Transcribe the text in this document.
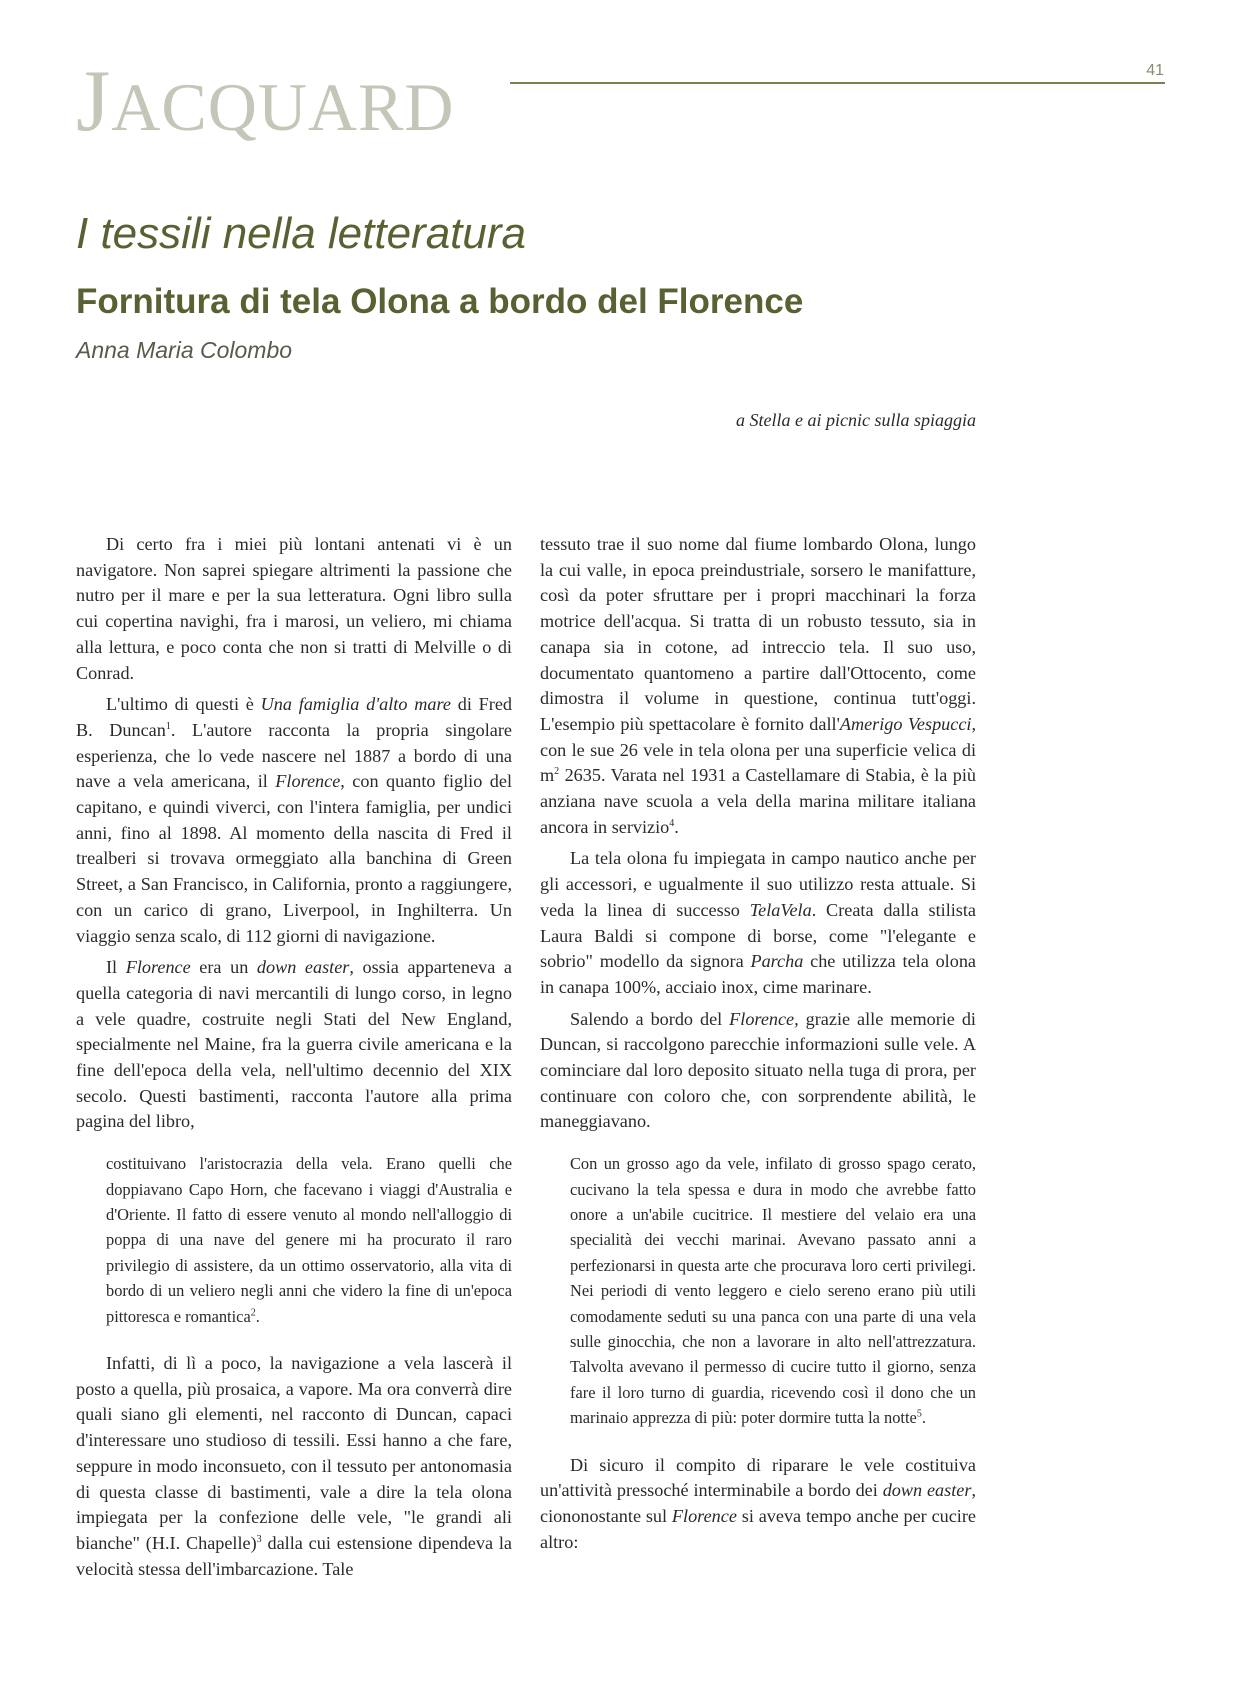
JACQUARD	41
I tessili nella letteratura
Fornitura di tela Olona a bordo del Florence
Anna Maria Colombo
a Stella e ai picnic sulla spiaggia

Di certo fra i miei più lontani antenati vi è un navigatore. Non saprei spiegare altrimenti la passione che nutro per il mare e per la sua letteratura. Ogni libro sulla cui copertina navighi, fra i marosi, un veliero, mi chiama alla lettura, e poco conta che non si tratti di Melville o di Conrad.

L'ultimo di questi è Una famiglia d'alto mare di Fred B. Duncan$^1$. L'autore racconta la propria singolare esperienza, che lo vede nascere nel 1887 a bordo di una nave a vela americana, il Florence, con quanto figlio del capitano, e quindi viverci, con l'intera famiglia, per undici anni, fino al 1898. Al momento della nascita di Fred il trealberi si trovava ormeggiato alla banchina di Green Street, a San Francisco, in California, pronto a raggiungere, con un carico di grano, Liverpool, in Inghilterra. Un viaggio senza scalo, di 112 giorni di navigazione.

Il Florence era un down easter, ossia apparteneva a quella categoria di navi mercantili di lungo corso, in legno a vele quadre, costruite negli Stati del New England, specialmente nel Maine, fra la guerra civile americana e la fine dell'epoca della vela, nell'ultimo decennio del XIX secolo. Questi bastimenti, racconta l'autore alla prima pagina del libro,

costituivano l'aristocrazia della vela. Erano quelli che doppiavano Capo Horn, che facevano i viaggi d'Australia e d'Oriente. Il fatto di essere venuto al mondo nell'alloggio di poppa di una nave del genere mi ha procurato il raro privilegio di assistere, da un ottimo osservatorio, alla vita di bordo di un veliero negli anni che videro la fine di un'epoca pittoresca e romantica$^2$.

Infatti, di lì a poco, la navigazione a vela lascerà il posto a quella, più prosaica, a vapore. Ma ora converrà dire quali siano gli elementi, nel racconto di Duncan, capaci d'interessare uno studioso di tessili. Essi hanno a che fare, seppure in modo inconsueto, con il tessuto per antonomasia di questa classe di bastimenti, vale a dire la tela olona impiegata per la confezione delle vele, "le grandi ali bianche" (H.I. Chapelle)$^3$ dalla cui estensione dipendeva la velocità stessa dell'imbarcazione. Tale

tessuto trae il suo nome dal fiume lombardo Olona, lungo la cui valle, in epoca preindustriale, sorsero le manifatture, così da poter sfruttare per i propri macchinari la forza motrice dell'acqua. Si tratta di un robusto tessuto, sia in canapa sia in cotone, ad intreccio tela. Il suo uso, documentato quantomeno a partire dall'Ottocento, come dimostra il volume in questione, continua tutt'oggi. L'esempio più spettacolare è fornito dall'Amerigo Vespucci, con le sue 26 vele in tela olona per una superficie velica di $m^2$ 2635. Varata nel 1931 a Castellamare di Stabia, è la più anziana nave scuola a vela della marina militare italiana ancora in servizio$^4$.

La tela olona fu impiegata in campo nautico anche per gli accessori, e ugualmente il suo utilizzo resta attuale. Si veda la linea di successo TelaVela. Creata dalla stilista Laura Baldi si compone di borse, come "l'elegante e sobrio" modello da signora Parcha che utilizza tela olona in canapa 100%, acciaio inox, cime marinare.

Salendo a bordo del Florence, grazie alle memorie di Duncan, si raccolgono parecchie informazioni sulle vele. A cominciare dal loro deposito situato nella tuga di prora, per continuare con coloro che, con sorprendente abilità, le maneggiavano.

Con un grosso ago da vele, infilato di grosso spago cerato, cucivano la tela spessa e dura in modo che avrebbe fatto onore a un'abile cucitrice. Il mestiere del velaio era una specialità dei vecchi marinai. Avevano passato anni a perfezionarsi in questa arte che procurava loro certi privilegi. Nei periodi di vento leggero e cielo sereno erano più utili comodamente seduti su una panca con una parte di una vela sulle ginocchia, che non a lavorare in alto nell'attrezzatura. Talvolta avevano il permesso di cucire tutto il giorno, senza fare il loro turno di guardia, ricevendo così il dono che un marinaio apprezza di più: poter dormire tutta la notte$^5$.

Di sicuro il compito di riparare le vele costituiva un'attività pressoché interminabile a bordo dei down easter, ciononostante sul Florence si aveva tempo anche per cucire altro:
